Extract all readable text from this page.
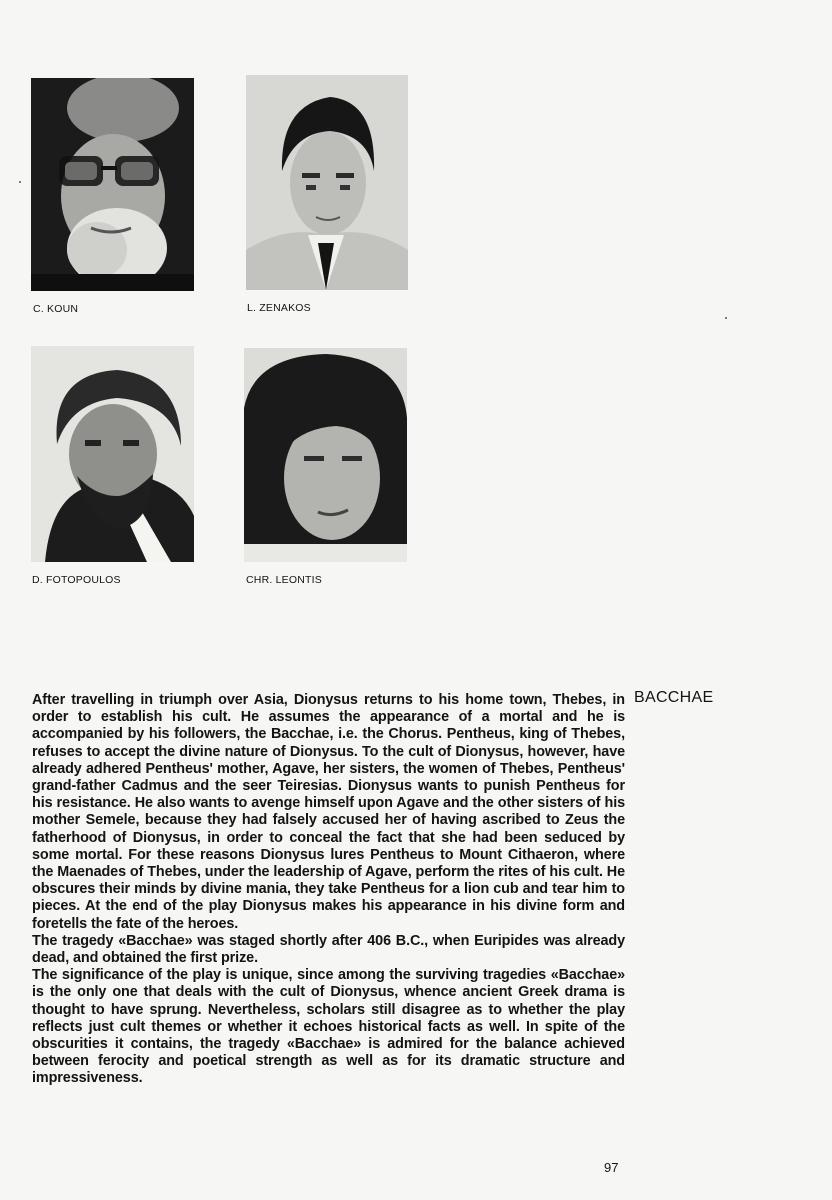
C. KOUN	L. ZENAKOS
D. FOTOPOULOS	CHR. LEONTIS
BACCHAE

After travelling in triumph over Asia, Dionysus returns to his home town, Thebes, in order to establish his cult. He assumes the appearance of a mortal and he is accompanied by his followers, the Bacchae, i.e. the Chorus. Pentheus, king of Thebes, refuses to accept the divine nature of Dionysus. To the cult of Dionysus, however, have already adhered Pentheus' mother, Agave, her sisters, the women of Thebes, Pentheus' grand-father Cadmus and the seer Teiresias. Dionysus wants to punish Pentheus for his resistance. He also wants to avenge himself upon Agave and the other sisters of his mother Semele, because they had falsely accused her of having ascribed to Zeus the fatherhood of Dionysus, in order to conceal the fact that she had been seduced by some mortal. For these reasons Dionysus lures Pentheus to Mount Cithaeron, where the Maenades of Thebes, under the leadership of Agave, perform the rites of his cult. He obscures their minds by divine mania, they take Pentheus for a lion cub and tear him to pieces. At the end of the play Dionysus makes his appearance in his divine form and foretells the fate of the heroes.

The tragedy «Bacchae» was staged shortly after 406 B.C., when Euripides was already dead, and obtained the first prize.

The significance of the play is unique, since among the surviving tragedies «Bacchae» is the only one that deals with the cult of Dionysus, whence ancient Greek drama is thought to have sprung. Nevertheless, scholars still disagree as to whether the play reflects just cult themes or whether it echoes historical facts as well. In spite of the obscurities it contains, the tragedy «Bacchae» is admired for the balance achieved between ferocity and poetical strength as well as for its dramatic structure and impressiveness.

97
